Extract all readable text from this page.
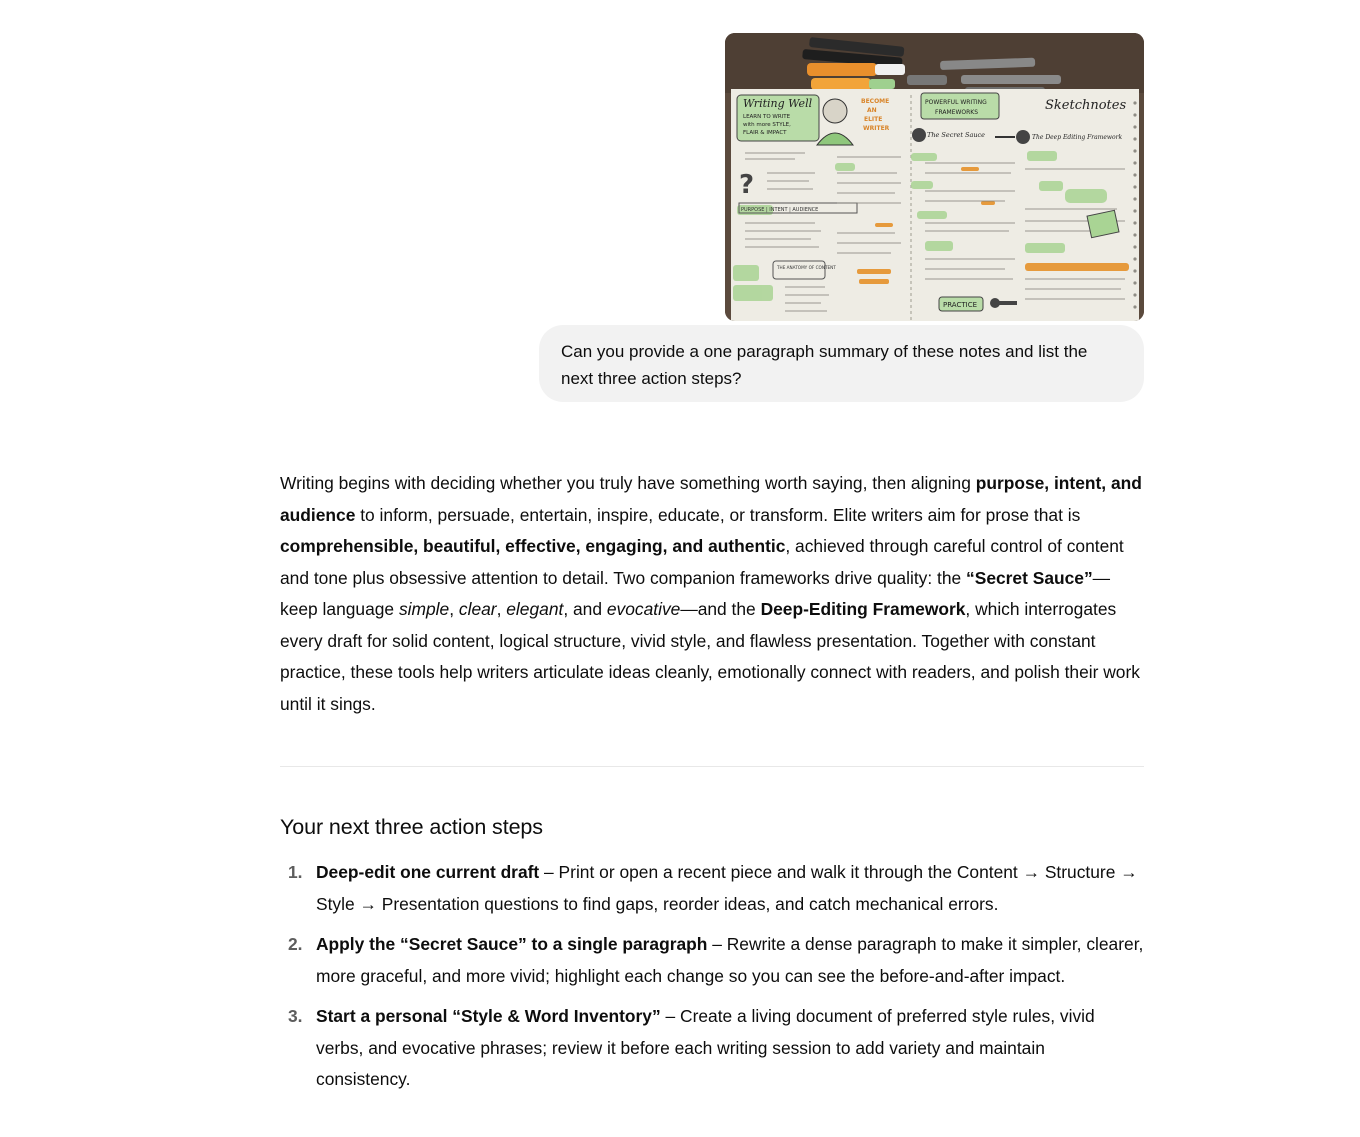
Writing Well
LEARN TO WRITE
with more STYLE,
FLAIR & IMPACT
BECOME
AN
ELITE
WRITER
POWERFUL WRITING
FRAMEWORKS	Sketchnotes
The Secret Sauce	The Deep Editing Framework
PURPOSE | INTENT | AUDIENCE
THE ANATOMY OF CONTENT
?
PRACTICE
Can you provide a one paragraph summary of these notes and list the next three action steps?

Writing begins with deciding whether you truly have something worth saying, then aligning purpose, intent, and audience to inform, persuade, entertain, inspire, educate, or transform. Elite writers aim for prose that is comprehensible, beautiful, effective, engaging, and authentic, achieved through careful control of content and tone plus obsessive attention to detail. Two companion frameworks drive quality: the “Secret Sauce”—keep language simple, clear, elegant, and evocative—and the Deep-Editing Framework, which interrogates every draft for solid content, logical structure, vivid style, and flawless presentation. Together with constant practice, these tools help writers articulate ideas cleanly, emotionally connect with readers, and polish their work until it sings.

Your next three action steps
1. Deep-edit one current draft – Print or open a recent piece and walk it through the Content → Structure → Style → Presentation questions to find gaps, reorder ideas, and catch mechanical errors.
2. Apply the “Secret Sauce” to a single paragraph – Rewrite a dense paragraph to make it simpler, clearer, more graceful, and more vivid; highlight each change so you can see the before-and-after impact.
3. Start a personal “Style & Word Inventory” – Create a living document of preferred style rules, vivid verbs, and evocative phrases; review it before each writing session to add variety and maintain consistency.
